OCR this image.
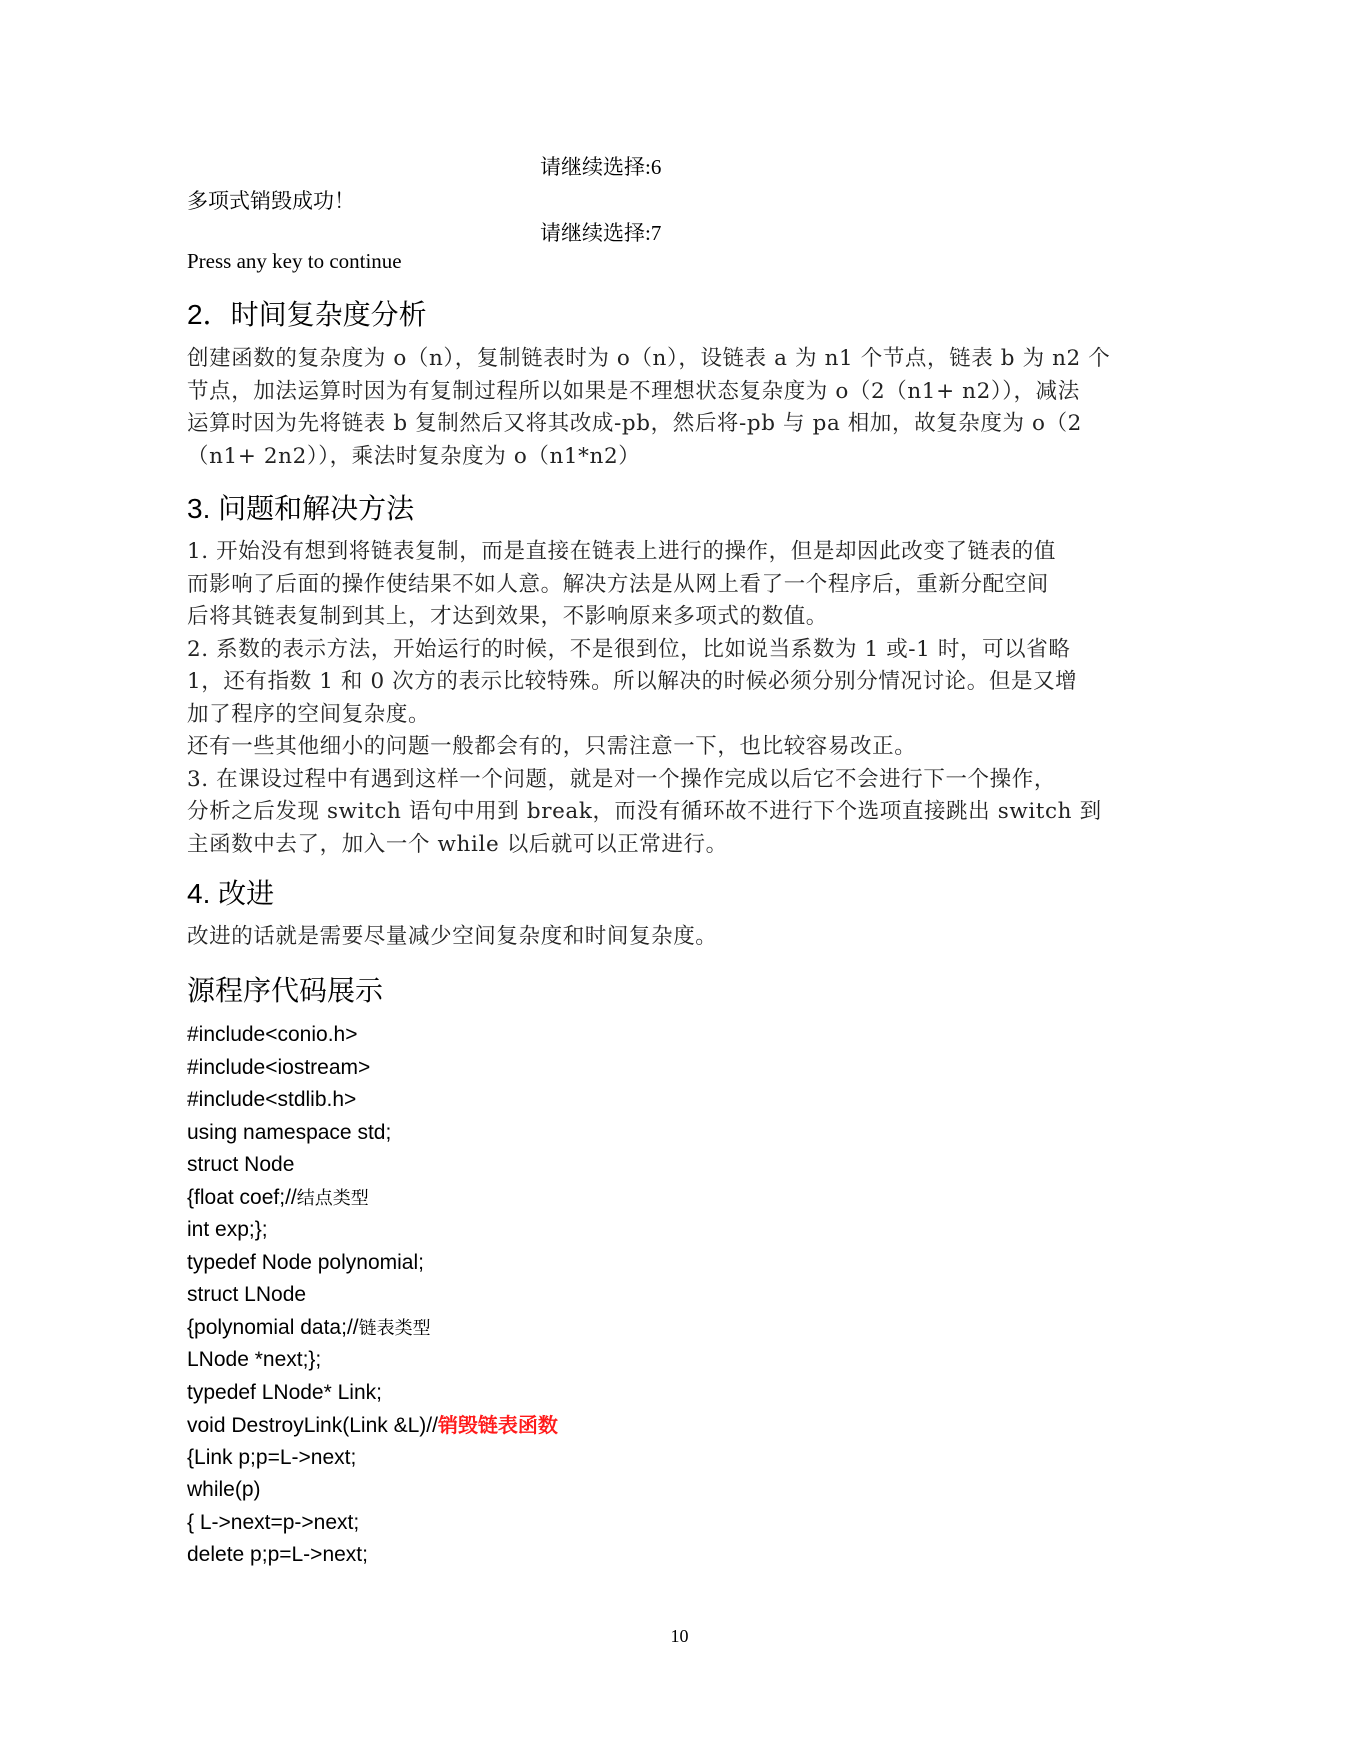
请继续选择:6
多项式销毁成功！
请继续选择:7
Press any key to continue
2．时间复杂度分析

创建函数的复杂度为 o（n），复制链表时为 o（n），设链表 a 为 n1 个节点，链表 b 为 n2 个

节点，加法运算时因为有复制过程所以如果是不理想状态复杂度为 o（2（n1+ n2）），减法

运算时因为先将链表 b 复制然后又将其改成-pb，然后将-pb 与 pa 相加，故复杂度为 o（2

（n1+ 2n2）），乘法时复杂度为 o（n1*n2）

3. 问题和解决方法

1. 开始没有想到将链表复制，而是直接在链表上进行的操作，但是却因此改变了链表的值

而影响了后面的操作使结果不如人意。解决方法是从网上看了一个程序后，重新分配空间

后将其链表复制到其上，才达到效果，不影响原来多项式的数值。

2. 系数的表示方法，开始运行的时候，不是很到位，比如说当系数为 1 或-1 时，可以省略

1，还有指数 1 和 0 次方的表示比较特殊。所以解决的时候必须分别分情况讨论。但是又增

加了程序的空间复杂度。

还有一些其他细小的问题一般都会有的，只需注意一下，也比较容易改正。

3. 在课设过程中有遇到这样一个问题，就是对一个操作完成以后它不会进行下一个操作，

分析之后发现 switch 语句中用到 break，而没有循环故不进行下个选项直接跳出 switch 到

主函数中去了，加入一个 while 以后就可以正常进行。

4. 改进

改进的话就是需要尽量减少空间复杂度和时间复杂度。

源程序代码展示
#include<conio.h>
#include<iostream>
#include<stdlib.h>
using namespace std;
struct Node
{float coef;//结点类型
int exp;};
typedef Node polynomial;
struct LNode
{polynomial data;//链表类型
LNode *next;};
typedef LNode* Link;
void DestroyLink(Link &L)//销毁链表函数
{Link p;p=L->next;
while(p)
{ L->next=p->next;
delete p;p=L->next;
10
